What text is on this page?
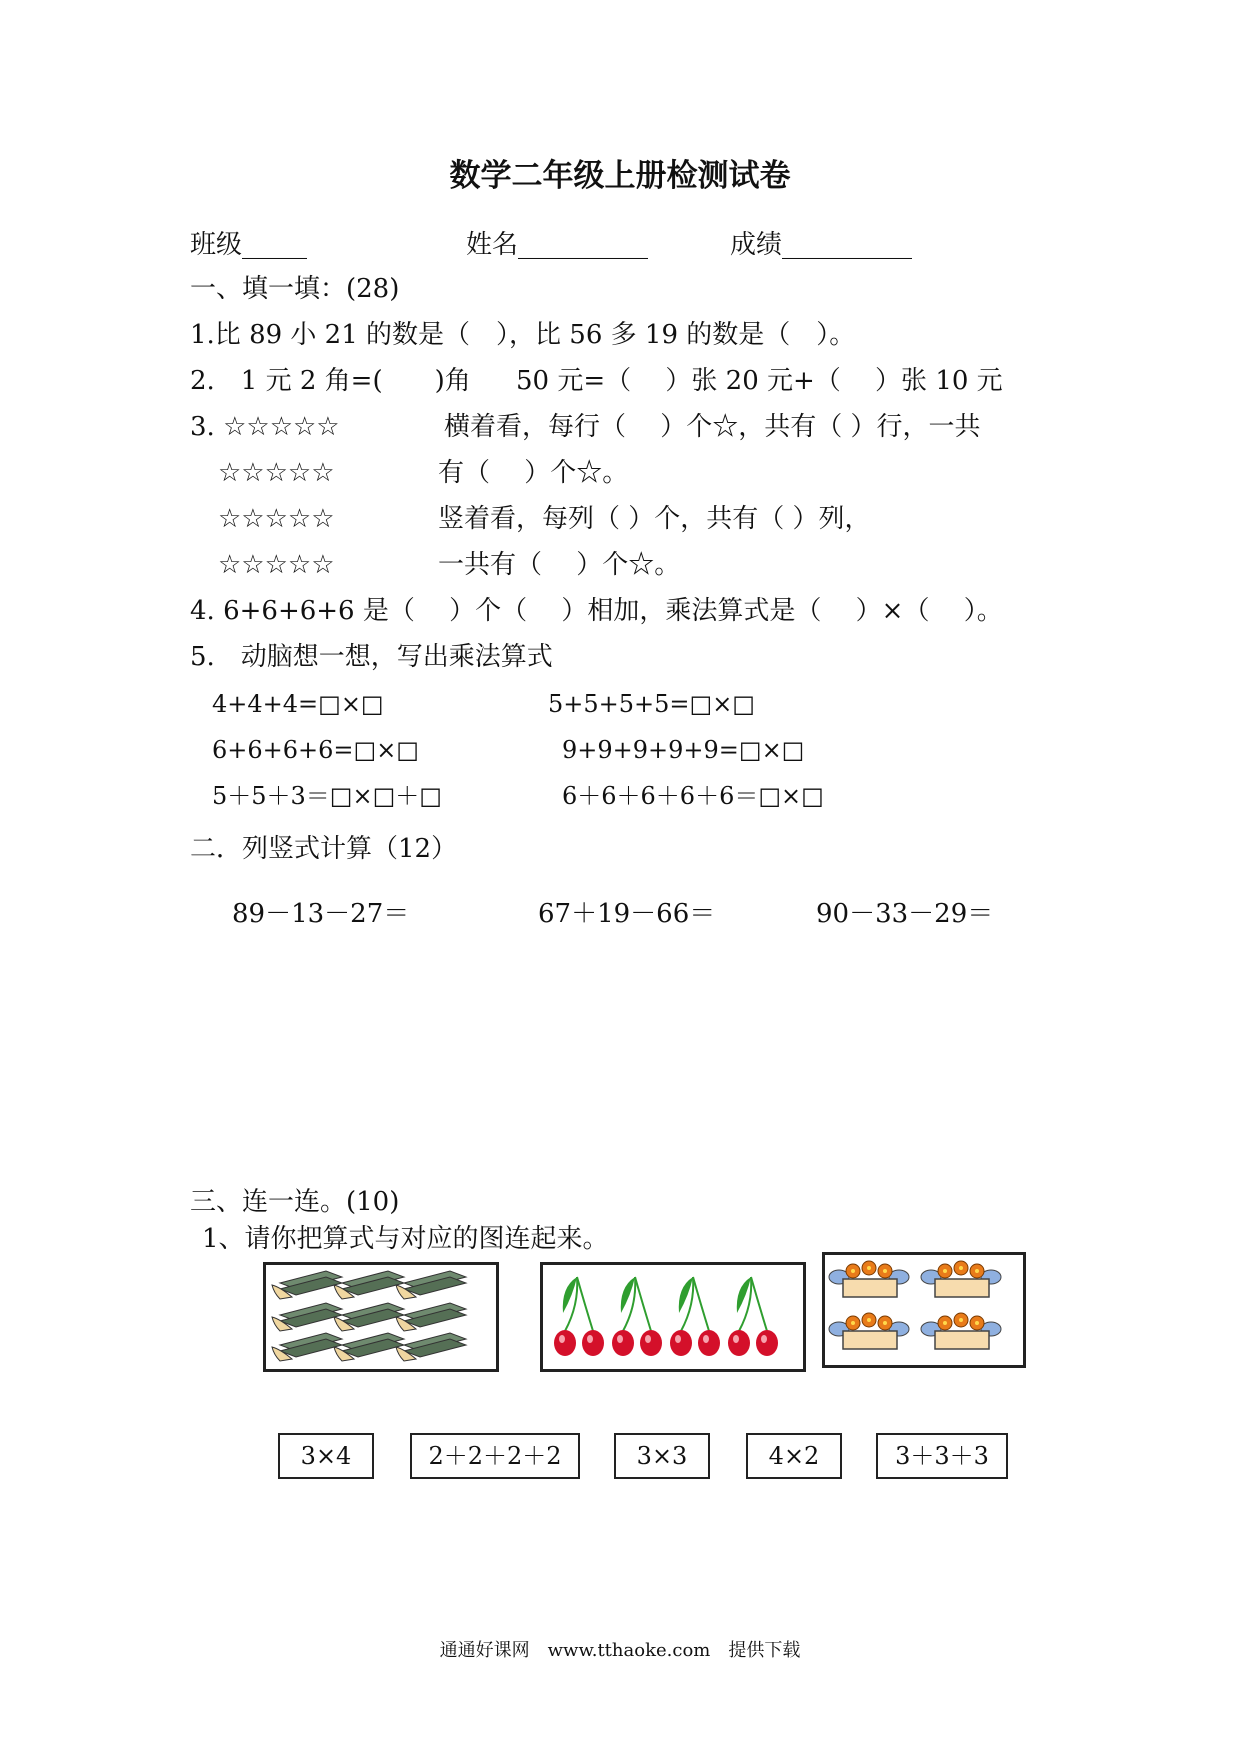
数学二年级上册检测试卷
班级_____	姓名__________	成绩__________
一、填一填：(28)
1.比 89 小 21 的数是（　），比 56 多 19 的数是（　）。
2.　1 元 2 角=(　　)角 50 元=（　 ）张 20 元+（　 ）张 10 元
3. ☆☆☆☆☆
☆☆☆☆☆
☆☆☆☆☆
☆☆☆☆☆
横着看，每行（　 ）个☆，共有（ ）行，一共
有（　 ）个☆。
竖着看，每列（ ）个，共有（ ）列，
一共有（　 ）个☆。
4. 6+6+6+6 是（　 ）个（　 ）相加，乘法算式是（　 ）×（　 ）。
5.　动脑想一想，写出乘法算式
4+4+4=□×□	5+5+5+5=□×□
6+6+6+6=□×□	9+9+9+9+9=□×□
5＋5＋3＝□×□＋□	6＋6＋6＋6＋6＝□×□
二．列竖式计算（12）
89－13－27＝	67＋19－66＝	90－33－29＝
三、连一连。(10)
1、请你把算式与对应的图连起来。
3×4	2＋2＋2＋2	3×3	4×2	3＋3＋3
通通好课网　www.tthaoke.com　提供下载
